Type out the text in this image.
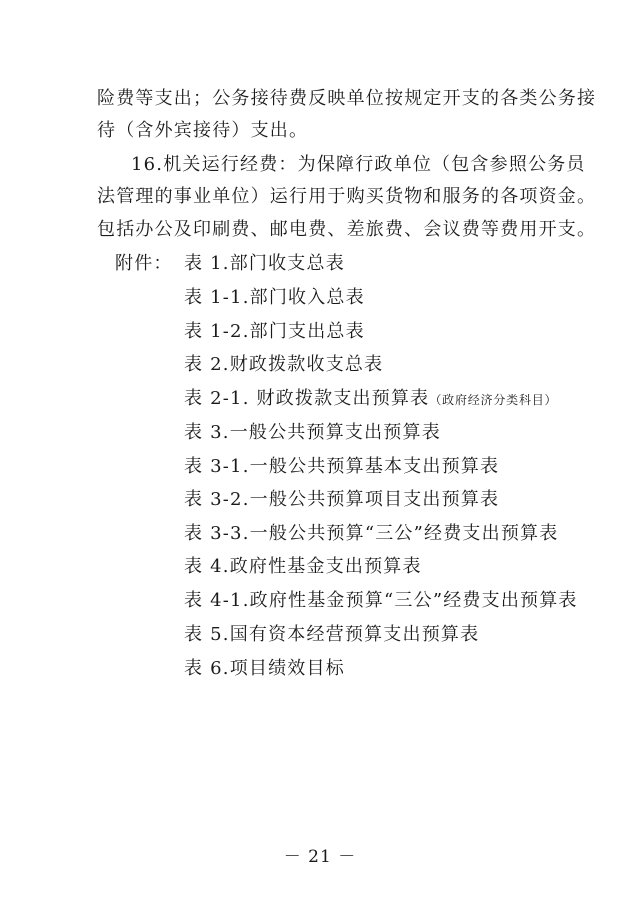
险费等支出；公务接待费反映单位按规定开支的各类公务接
待（含外宾接待）支出。
16.机关运行经费：为保障行政单位（包含参照公务员
法管理的事业单位）运行用于购买货物和服务的各项资金。
包括办公及印刷费、邮电费、差旅费、会议费等费用开支。
附件： 表 1.部门收支总表
表 1-1.部门收入总表
表 1-2.部门支出总表
表 2.财政拨款收支总表
表 2-1. 财政拨款支出预算表（政府经济分类科目）
表 3.一般公共预算支出预算表
表 3-1.一般公共预算基本支出预算表
表 3-2.一般公共预算项目支出预算表
表 3-3.一般公共预算“三公”经费支出预算表
表 4.政府性基金支出预算表
表 4-1.政府性基金预算“三公”经费支出预算表
表 5.国有资本经营预算支出预算表
表 6.项目绩效目标
－ 21 －
